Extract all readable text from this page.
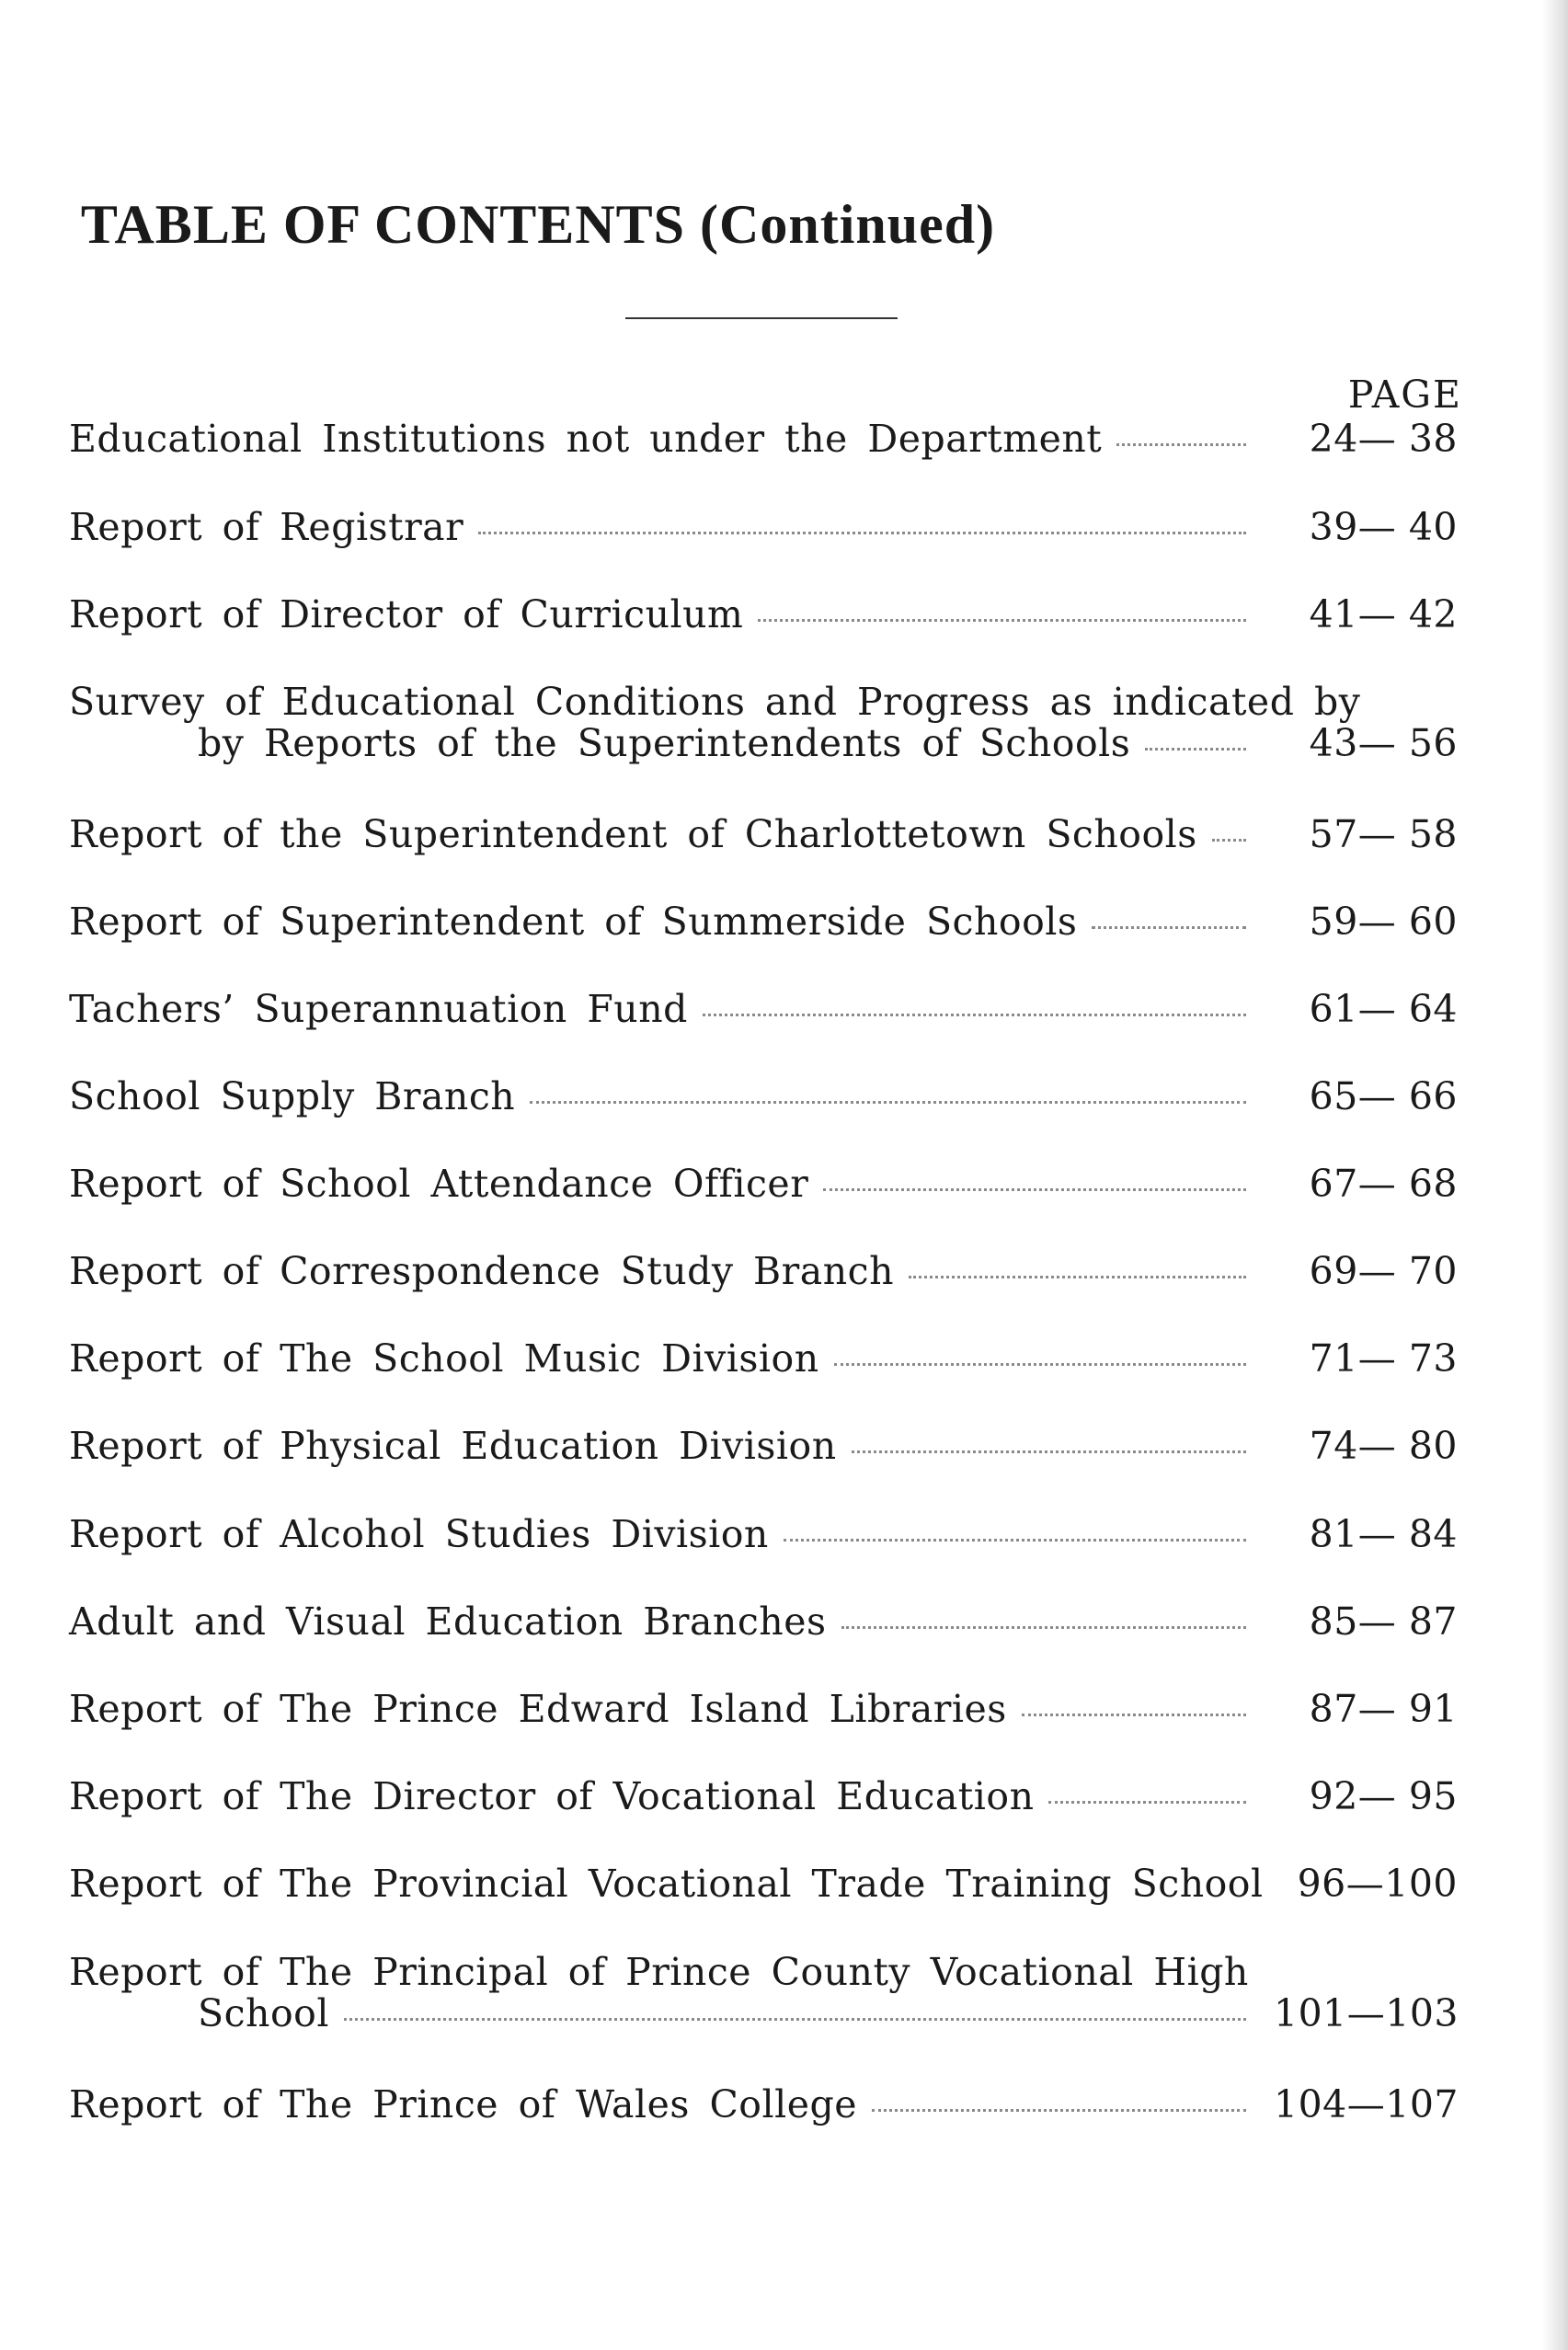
TABLE OF CONTENTS (Continued)
PAGE
Educational Institutions not under the Department	24— 38
Report of Registrar	39— 40
Report of Director of Curriculum	41— 42
Survey of Educational Conditions and Progress as indicated by
by Reports of the Superintendents of Schools	43— 56
Report of the Superintendent of Charlottetown Schools	57— 58
Report of Superintendent of Summerside Schools	59— 60
Tachers’ Superannuation Fund	61— 64
School Supply Branch	65— 66
Report of School Attendance Officer	67— 68
Report of Correspondence Study Branch	69— 70
Report of The School Music Division	71— 73
Report of Physical Education Division	74— 80
Report of Alcohol Studies Division	81— 84
Adult and Visual Education Branches	85— 87
Report of The Prince Edward Island Libraries	87— 91
Report of The Director of Vocational Education	92— 95
Report of The Provincial Vocational Trade Training School 96—100
Report of The Principal of Prince County Vocational High
School	101—103
Report of The Prince of Wales College	104—107
